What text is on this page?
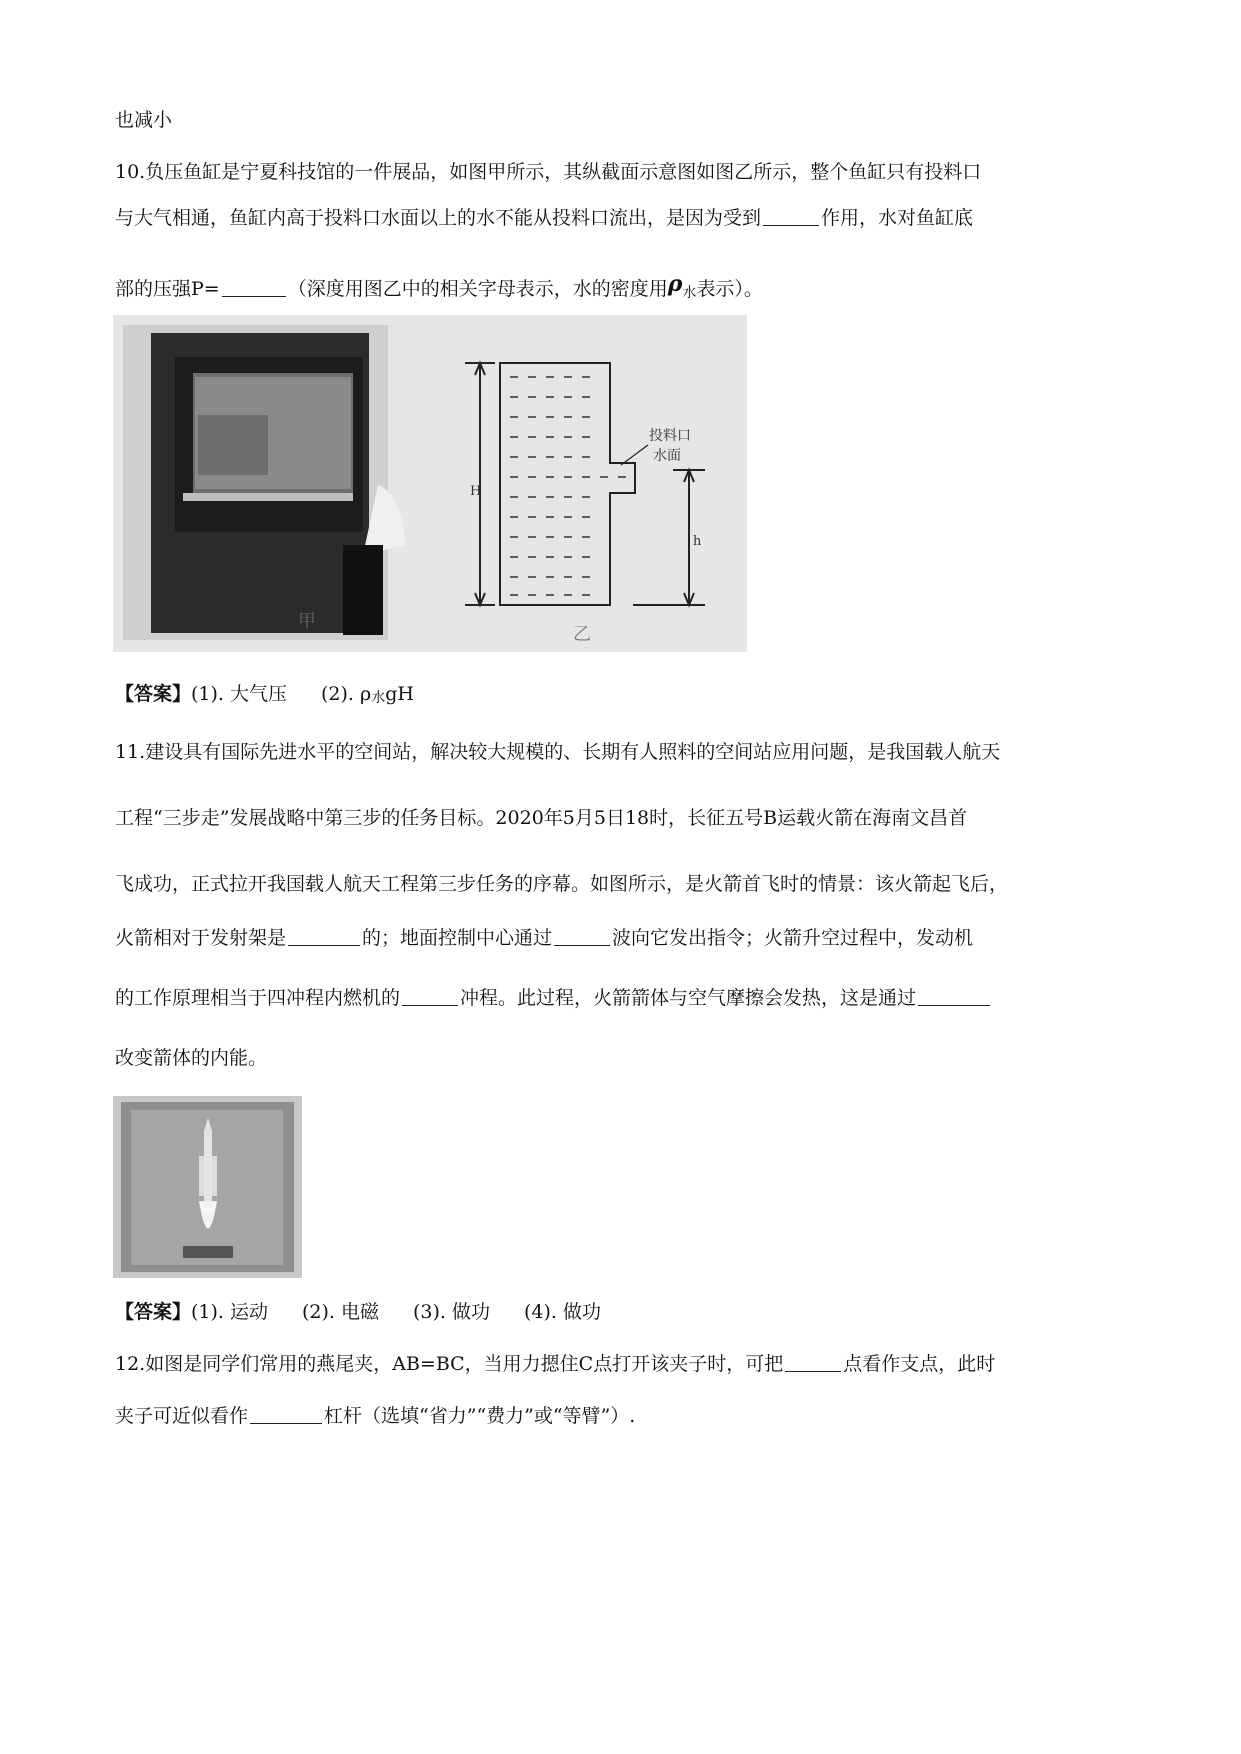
也减小
10.负压鱼缸是宁夏科技馆的一件展品，如图甲所示，其纵截面示意图如图乙所示，整个鱼缸只有投料口
与大气相通，鱼缸内高于投料口水面以上的水不能从投料口流出，是因为受到	作用，水对鱼缸底
部的压强P=	（深度用图乙中的相关字母表示，水的密度用ρ水表示）。
甲
H
h
投料口
水面
乙
【答案】(1). 大气压 (2). ρ水gH
11.建设具有国际先进水平的空间站，解决较大规模的、长期有人照料的空间站应用问题，是我国载人航天
工程“三步走”发展战略中第三步的任务目标。2020年5月5日18时，长征五号B运载火箭在海南文昌首
飞成功，正式拉开我国载人航天工程第三步任务的序幕。如图所示，是火箭首飞时的情景：该火箭起飞后，
火箭相对于发射架是	的；地面控制中心通过	波向它发出指令；火箭升空过程中，发动机
的工作原理相当于四冲程内燃机的	冲程。此过程，火箭箭体与空气摩擦会发热，这是通过
改变箭体的内能。
【答案】(1). 运动 (2). 电磁 (3). 做功 (4). 做功
12.如图是同学们常用的燕尾夹，AB=BC，当用力摁住C点打开该夹子时，可把	点看作支点，此时
夹子可近似看作	杠杆（选填“省力”“费力”或“等臂”）.
